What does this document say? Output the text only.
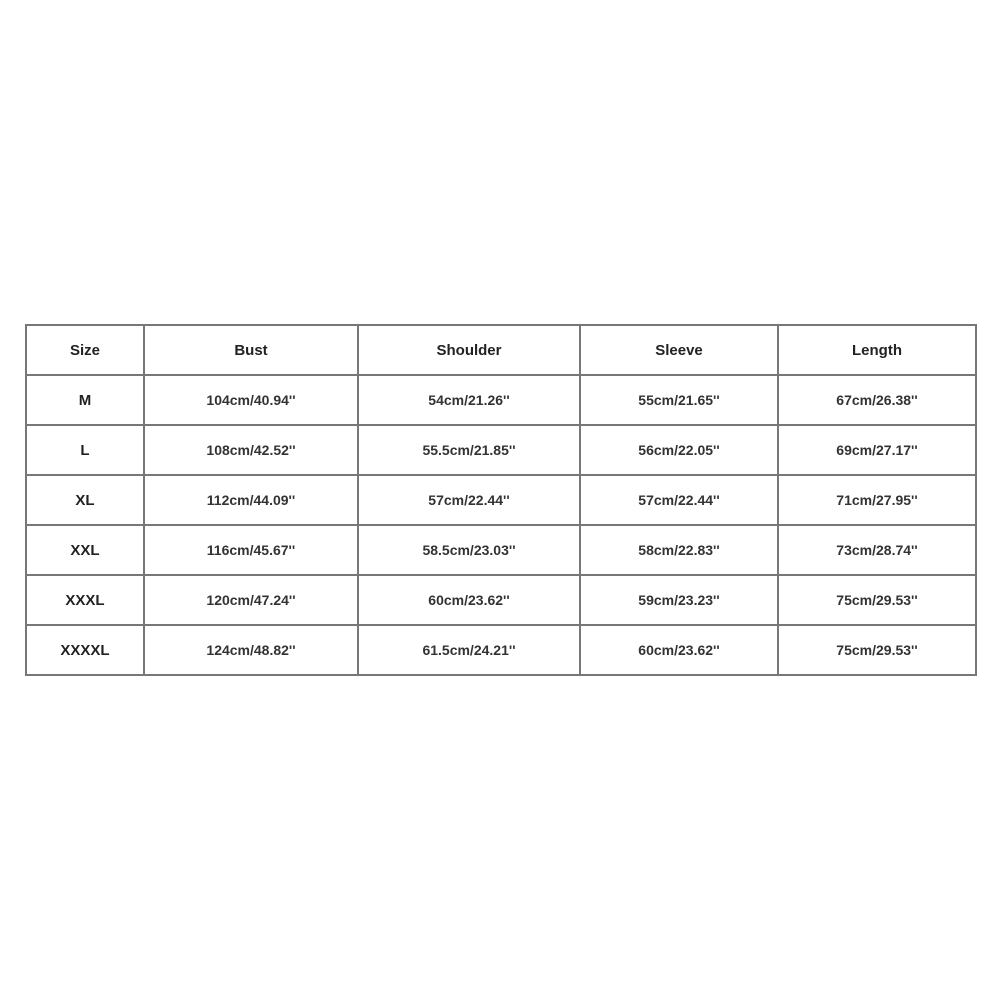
Size	Bust	Shoulder	Sleeve	Length
M	104cm/40.94''	54cm/21.26''	55cm/21.65''	67cm/26.38''
L	108cm/42.52''	55.5cm/21.85''	56cm/22.05''	69cm/27.17''
XL	112cm/44.09''	57cm/22.44''	57cm/22.44''	71cm/27.95''
XXL	116cm/45.67''	58.5cm/23.03''	58cm/22.83''	73cm/28.74''
XXXL	120cm/47.24''	60cm/23.62''	59cm/23.23''	75cm/29.53''
XXXXL	124cm/48.82''	61.5cm/24.21''	60cm/23.62''	75cm/29.53''
